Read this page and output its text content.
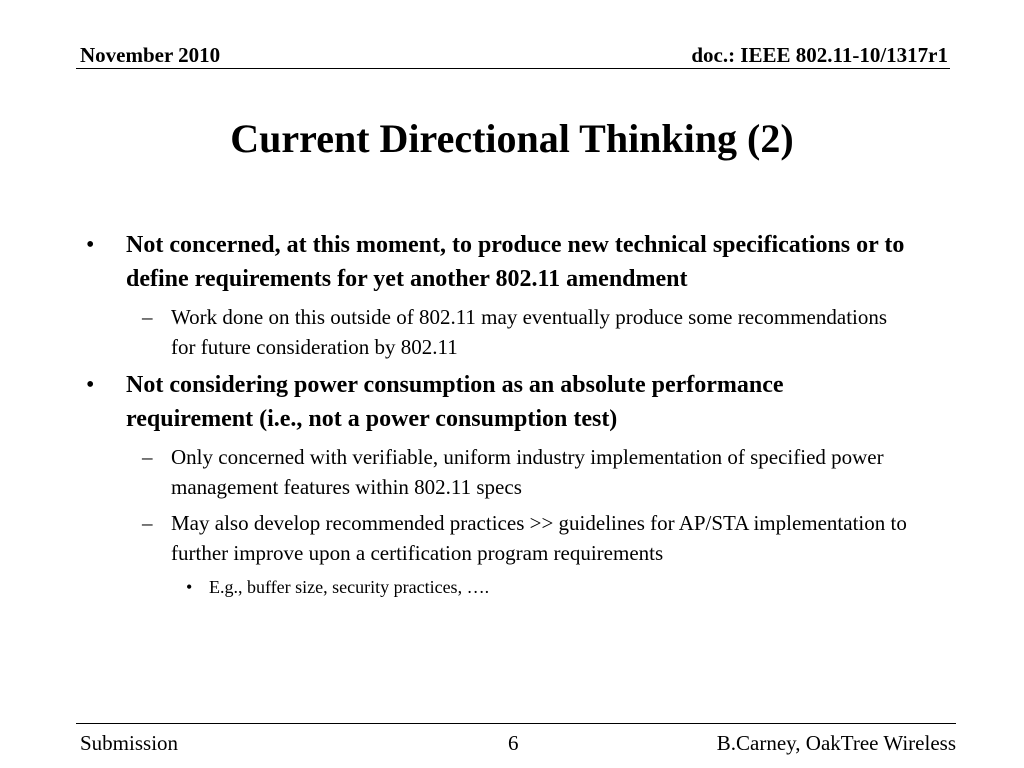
November 2010	doc.: IEEE 802.11-10/1317r1
Current Directional Thinking (2)
• Not concerned, at this moment, to produce new technical specifications or to define requirements for yet another 802.11 amendment
– Work done on this outside of 802.11 may eventually produce some recommendations for future consideration by 802.11
• Not considering power consumption as an absolute performance requirement (i.e., not a power consumption test)
– Only concerned with verifiable, uniform industry implementation of specified power management features within 802.11 specs
– May also develop recommended practices >> guidelines for AP/STA implementation to further improve upon a certification program requirements
• E.g., buffer size, security practices, ….
Submission	6	B.Carney, OakTree Wireless
